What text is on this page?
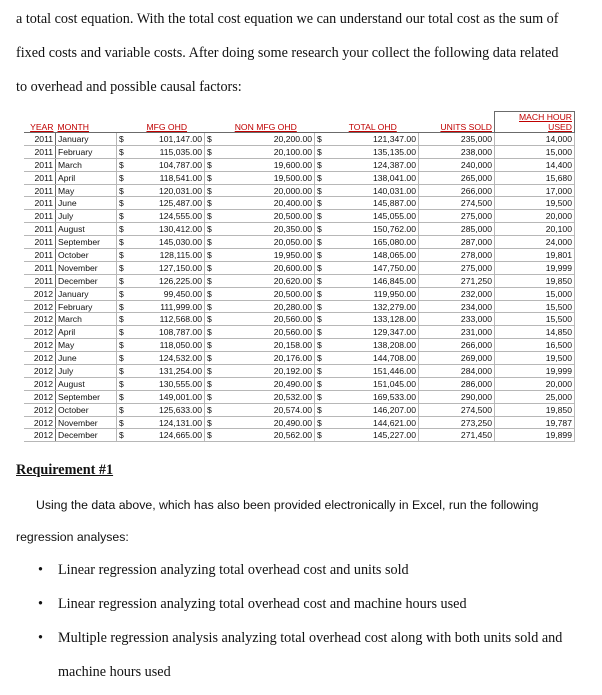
a total cost equation. With the total cost equation we can understand our total cost as the sum of
fixed costs and variable costs. After doing some research your collect the following data related
to overhead and possible causal factors:
YEAR	MONTH		MFG OHD		NON MFG OHD		TOTAL OHD	UNITS SOLD	MACH HOUR USED
2011	January	$	101,147.00	$	20,200.00	$	121,347.00	235,000	14,000
2011	February	$	115,035.00	$	20,100.00	$	135,135.00	238,000	15,000
2011	March	$	104,787.00	$	19,600.00	$	124,387.00	240,000	14,400
2011	April	$	118,541.00	$	19,500.00	$	138,041.00	265,000	15,680
2011	May	$	120,031.00	$	20,000.00	$	140,031.00	266,000	17,000
2011	June	$	125,487.00	$	20,400.00	$	145,887.00	274,500	19,500
2011	July	$	124,555.00	$	20,500.00	$	145,055.00	275,000	20,000
2011	August	$	130,412.00	$	20,350.00	$	150,762.00	285,000	20,100
2011	September	$	145,030.00	$	20,050.00	$	165,080.00	287,000	24,000
2011	October	$	128,115.00	$	19,950.00	$	148,065.00	278,000	19,801
2011	November	$	127,150.00	$	20,600.00	$	147,750.00	275,000	19,999
2011	December	$	126,225.00	$	20,620.00	$	146,845.00	271,250	19,850
2012	January	$	99,450.00	$	20,500.00	$	119,950.00	232,000	15,000
2012	February	$	111,999.00	$	20,280.00	$	132,279.00	234,000	15,500
2012	March	$	112,568.00	$	20,560.00	$	133,128.00	233,000	15,500
2012	April	$	108,787.00	$	20,560.00	$	129,347.00	231,000	14,850
2012	May	$	118,050.00	$	20,158.00	$	138,208.00	266,000	16,500
2012	June	$	124,532.00	$	20,176.00	$	144,708.00	269,000	19,500
2012	July	$	131,254.00	$	20,192.00	$	151,446.00	284,000	19,999
2012	August	$	130,555.00	$	20,490.00	$	151,045.00	286,000	20,000
2012	September	$	149,001.00	$	20,532.00	$	169,533.00	290,000	25,000
2012	October	$	125,633.00	$	20,574.00	$	146,207.00	274,500	19,850
2012	November	$	124,131.00	$	20,490.00	$	144,621.00	273,250	19,787
2012	December	$	124,665.00	$	20,562.00	$	145,227.00	271,450	19,899
Requirement #1
Using the data above, which has also been provided electronically in Excel, run the following
regression analyses:
•	Linear regression analyzing total overhead cost and units sold
•	Linear regression analyzing total overhead cost and machine hours used
•	Multiple regression analysis analyzing total overhead cost along with both units sold and
machine hours used
